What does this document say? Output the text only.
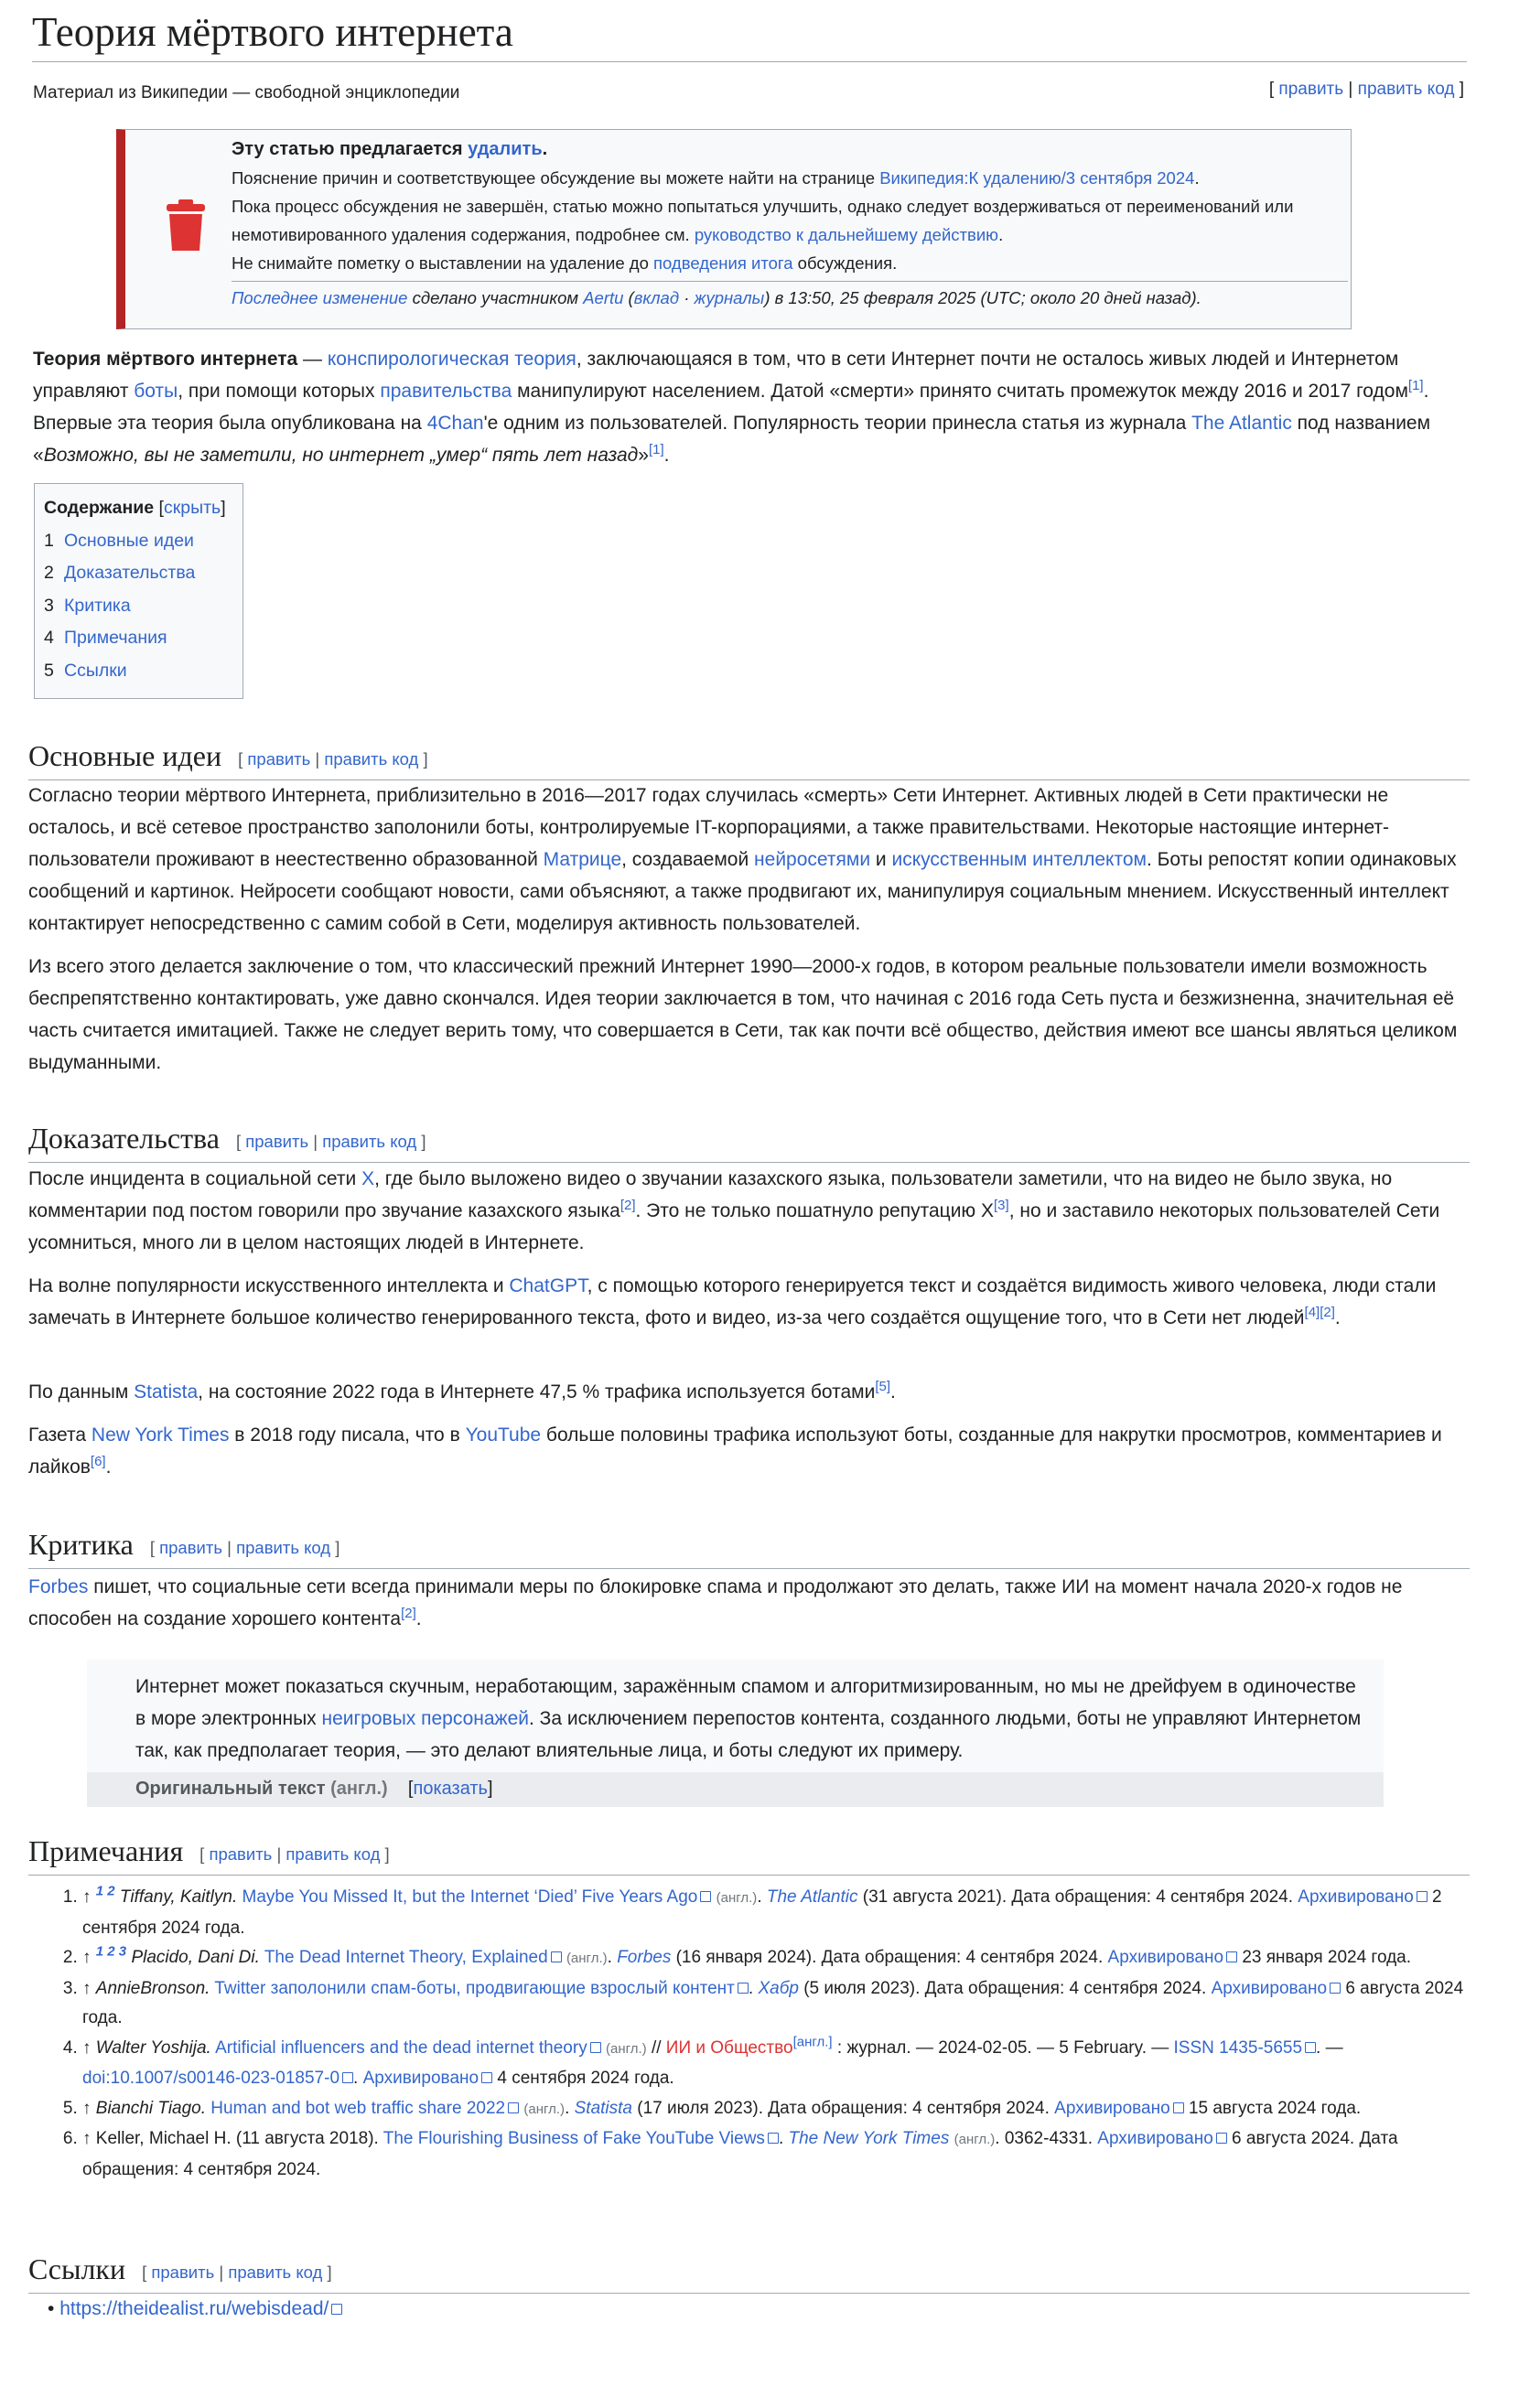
Теория мёртвого интернета
Материал из Википедии — свободной энциклопедии	[ править | править код ]
Эту статью предлагается удалить.
Пояснение причин и соответствующее обсуждение вы можете найти на странице Википедия:К удалению/3 сентября 2024.
Пока процесс обсуждения не завершён, статью можно попытаться улучшить, однако следует воздерживаться от переименований или немотивированного удаления содержания, подробнее см. руководство к дальнейшему действию.
Не снимайте пометку о выставлении на удаление до подведения итога обсуждения.
Последнее изменение сделано участником Aertu (вклад · журналы) в 13:50, 25 февраля 2025 (UTC; около 20 дней назад).

Теория мёртвого интернета — конспирологическая теория, заключающаяся в том, что в сети Интернет почти не осталось живых людей и Интернетом управляют боты, при помощи которых правительства манипулируют населением. Датой «смерти» принято считать промежуток между 2016 и 2017 годом[1]. Впервые эта теория была опубликована на 4Chan'е одним из пользователей. Популярность теории принесла статья из журнала The Atlantic под названием «Возможно, вы не заметили, но интернет „умер“ пять лет назад»[1].

Содержание [скрыть]
1 Основные идеи
2 Доказательства
3 Критика
4 Примечания
5 Ссылки
Основные идеи [ править | править код ]

Согласно теории мёртвого Интернета, приблизительно в 2016—2017 годах случилась «смерть» Сети Интернет. Активных людей в Сети практически не осталось, и всё сетевое пространство заполонили боты, контролируемые IT-корпорациями, а также правительствами. Некоторые настоящие интернет-пользователи проживают в неестественно образованной Матрице, создаваемой нейросетями и искусственным интеллектом. Боты репостят копии одинаковых сообщений и картинок. Нейросети сообщают новости, сами объясняют, а также продвигают их, манипулируя социальным мнением. Искусственный интеллект контактирует непосредственно с самим собой в Сети, моделируя активность пользователей.

Из всего этого делается заключение о том, что классический прежний Интернет 1990—2000-х годов, в котором реальные пользователи имели возможность беспрепятственно контактировать, уже давно скончался. Идея теории заключается в том, что начиная с 2016 года Сеть пуста и безжизненна, значительная её часть считается имитацией. Также не следует верить тому, что совершается в Сети, так как почти всё общество, действия имеют все шансы являться целиком выдуманными.

Доказательства [ править | править код ]

После инцидента в социальной сети X, где было выложено видео о звучании казахского языка, пользователи заметили, что на видео не было звука, но комментарии под постом говорили про звучание казахского языка[2]. Это не только пошатнуло репутацию X[3], но и заставило некоторых пользователей Сети усомниться, много ли в целом настоящих людей в Интернете.

На волне популярности искусственного интеллекта и ChatGPT, с помощью которого генерируется текст и создаётся видимость живого человека, люди стали замечать в Интернете большое количество генерированного текста, фото и видео, из-за чего создаётся ощущение того, что в Сети нет людей[4][2].

По данным Statista, на состояние 2022 года в Интернете 47,5 % трафика используется ботами[5].

Газета New York Times в 2018 году писала, что в YouTube больше половины трафика используют боты, созданные для накрутки просмотров, комментариев и лайков[6].

Критика [ править | править код ]

Forbes пишет, что социальные сети всегда принимали меры по блокировке спама и продолжают это делать, также ИИ на момент начала 2020-х годов не способен на создание хорошего контента[2].

Интернет может показаться скучным, неработающим, заражённым спамом и алгоритмизированным, но мы не дрейфуем в одиночестве в море электронных неигровых персонажей. За исключением перепостов контента, созданного людьми, боты не управляют Интернетом так, как предполагает теория, — это делают влиятельные лица, и боты следуют их примеру.
Оригинальный текст (англ.)    [показать]
Примечания [ править | править код ]
1. ↑ $^{1 2}$ Tiffany, Kaitlyn. Maybe You Missed It, but the Internet ‘Died’ Five Years Ago (англ.). The Atlantic (31 августа 2021). Дата обращения: 4 сентября 2024. Архивировано 2 сентября 2024 года.
2. ↑ $^{1 2 3}$ Placido, Dani Di. The Dead Internet Theory, Explained (англ.). Forbes (16 января 2024). Дата обращения: 4 сентября 2024. Архивировано 23 января 2024 года.
3. ↑ AnnieBronson. Twitter заполонили спам-боты, продвигающие взрослый контент . Хабр (5 июля 2023). Дата обращения: 4 сентября 2024. Архивировано 6 августа 2024 года.
4. ↑ Walter Yoshija. Artificial influencers and the dead internet theory (англ.) // ИИ и Общество[англ.] : журнал. — 2024-02-05. — 5 February. — ISSN 1435-5655 . — doi:10.1007/s00146-023-01857-0 . Архивировано 4 сентября 2024 года.
5. ↑ Bianchi Tiago. Human and bot web traffic share 2022 (англ.). Statista (17 июля 2023). Дата обращения: 4 сентября 2024. Архивировано 15 августа 2024 года.
6. ↑ Keller, Michael H. (11 августа 2018). The Flourishing Business of Fake YouTube Views . The New York Times (англ.). 0362-4331. Архивировано 6 августа 2024. Дата обращения: 4 сентября 2024.
Ссылки [ править | править код ]
• https://theidealist.ru/webisdead/
